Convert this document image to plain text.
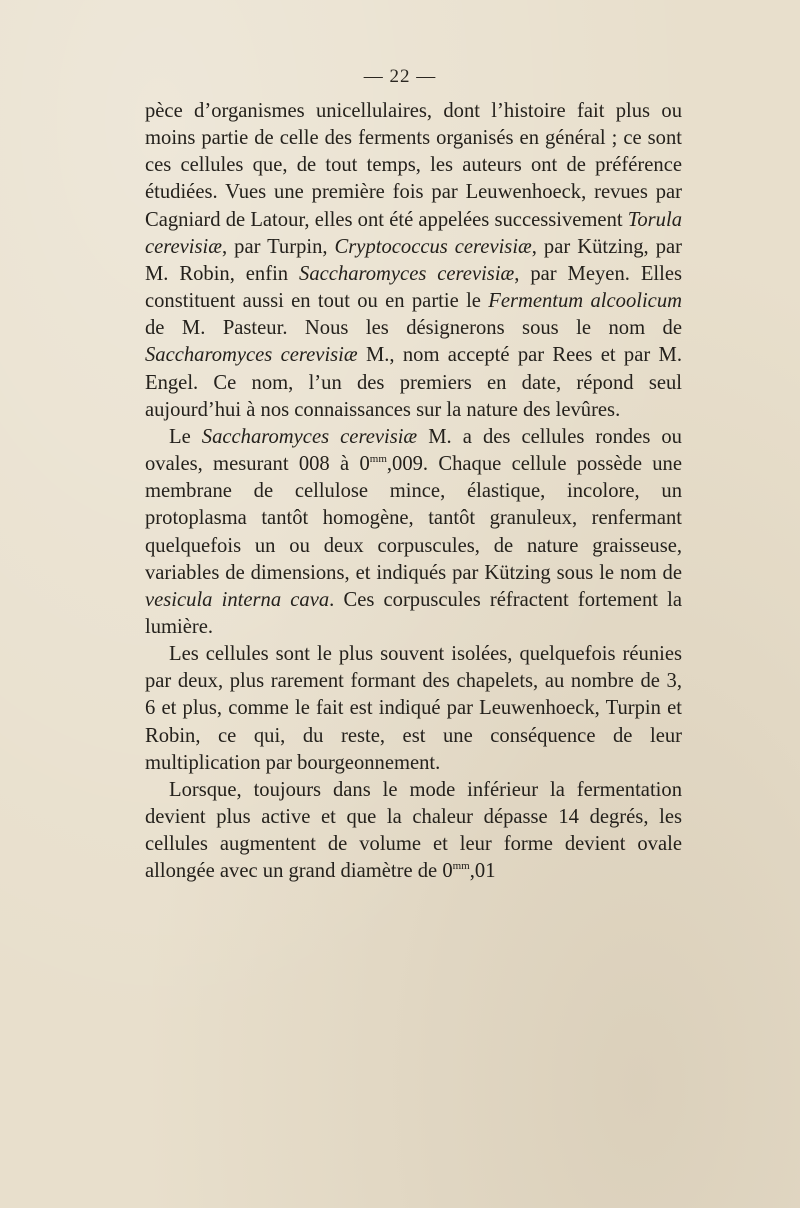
— 22 —

pèce d’organismes unicellulaires, dont l’histoire fait plus ou moins partie de celle des ferments organisés en général ; ce sont ces cellules que, de tout temps, les auteurs ont de préférence étudiées. Vues une première fois par Leuwenhoeck, revues par Cagniard de Latour, elles ont été appelées successivement Torula cerevisiæ, par Turpin, Cryptococcus cerevisiæ, par Kützing, par M. Robin, enfin Saccharomyces cerevisiæ, par Meyen. Elles constituent aussi en tout ou en partie le Fermentum alcoolicum de M. Pasteur. Nous les désignerons sous le nom de Saccharomyces cerevisiæ M., nom accepté par Rees et par M. Engel. Ce nom, l’un des premiers en date, répond seul aujourd’hui à nos connaissances sur la nature des levûres.

Le Saccharomyces cerevisiæ M. a des cellules rondes ou ovales, mesurant 008 à $0^{mm},009$. Chaque cellule possède une membrane de cellulose mince, élastique, incolore, un protoplasma tantôt homogène, tantôt granuleux, renfermant quelquefois un ou deux corpuscules, de nature graisseuse, variables de dimensions, et indiqués par Kützing sous le nom de vesicula interna cava. Ces corpuscules réfractent fortement la lumière.

Les cellules sont le plus souvent isolées, quelquefois réunies par deux, plus rarement formant des chapelets, au nombre de 3, 6 et plus, comme le fait est indiqué par Leuwenhoeck, Turpin et Robin, ce qui, du reste, est une conséquence de leur multiplication par bourgeonnement.

Lorsque, toujours dans le mode inférieur la fermentation devient plus active et que la chaleur dépasse 14 degrés, les cellules augmentent de volume et leur forme devient ovale allongée avec un grand diamètre de $0^{mm},01$
